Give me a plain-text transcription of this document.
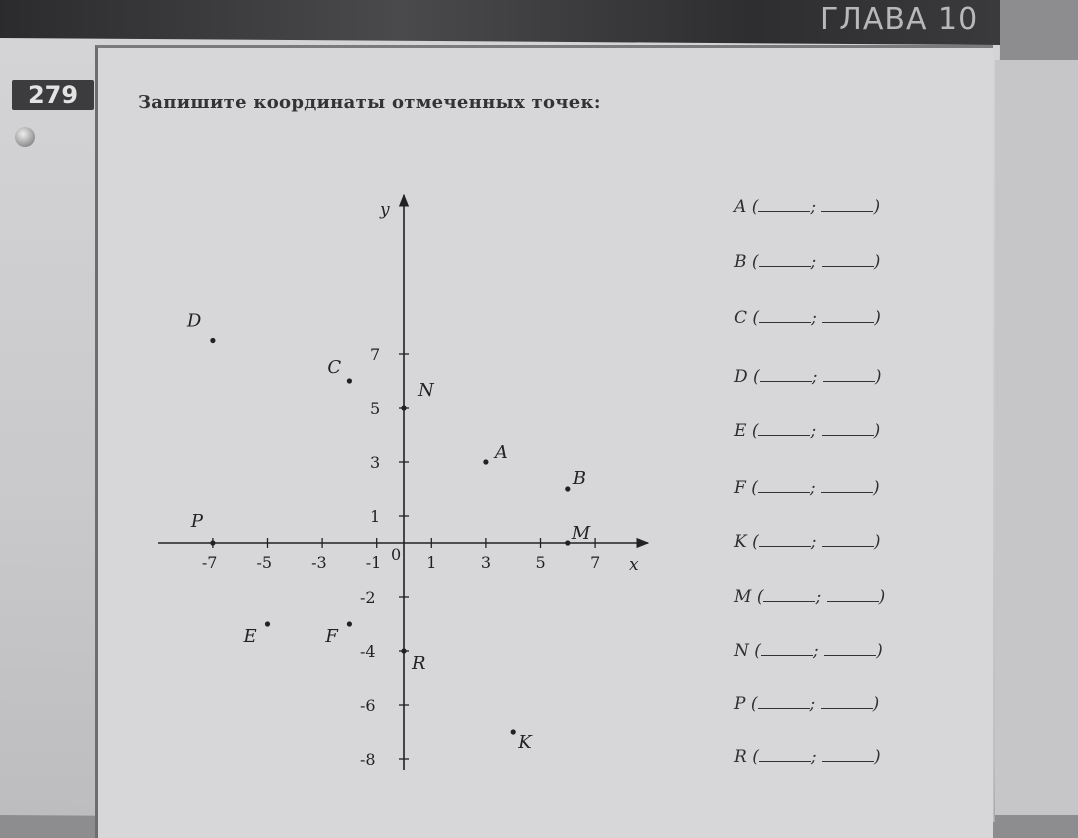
ГЛАВА 10
279	Запишите координаты отмеченных точек:
x
y
0
-7 -5 -3 -1	1	3	5	7
7
5
3
1
-2
-4
-6
-8
A
B
C
D
E	F
K
M
N
P
R
A (	;	)
B (	;	)
C (	;	)
D (	;	)
E (	;	)
F (	;	)
K (	;	)
M (	;	)
N (	;	)
P (	;	)
R (	;	)
